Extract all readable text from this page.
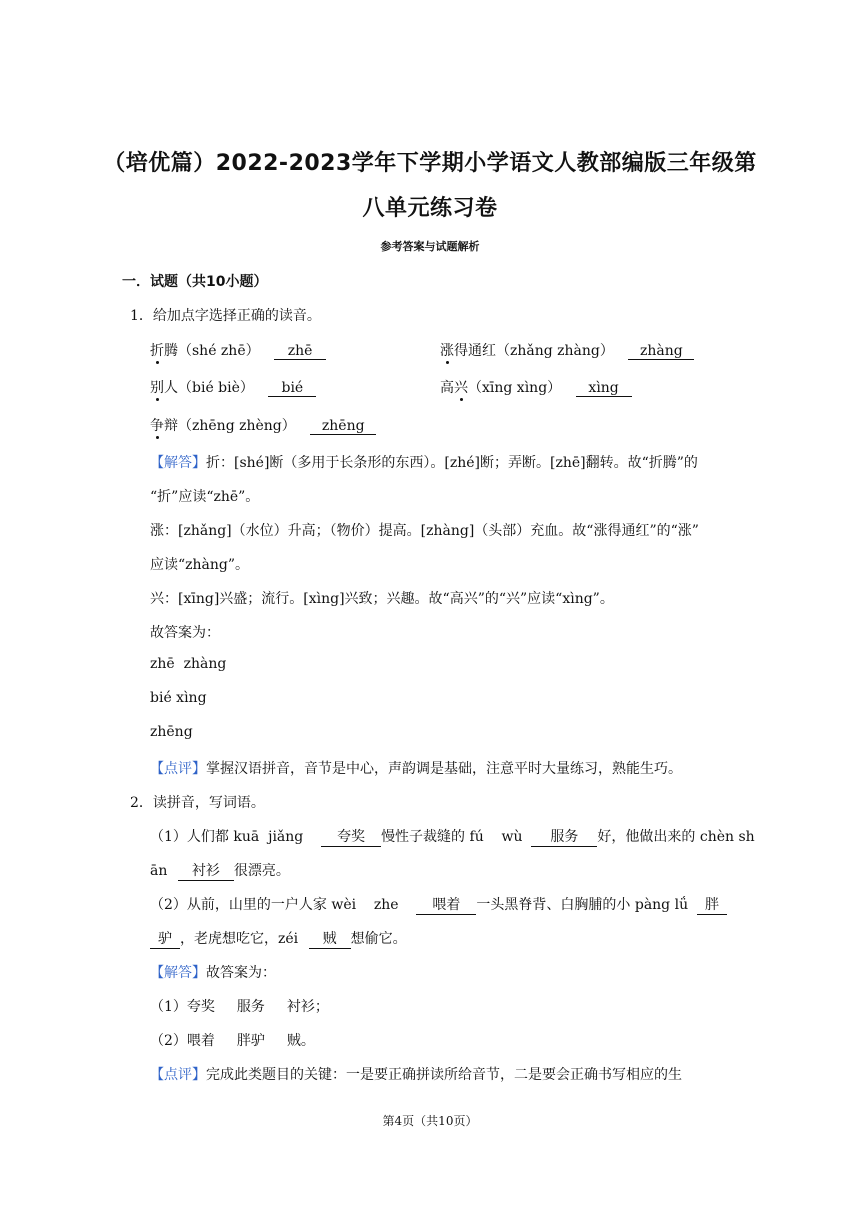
（培优篇）2022-2023学年下学期小学语文人教部编版三年级第
八单元练习卷
参考答案与试题解析
一．试题（共10小题）
1．给加点字选择正确的读音。
折腾（shé zhē） zhē	涨得通红（zhǎng zhàng） zhàng
别人（bié biè） bié	高兴（xīng xìng） xìng
争辩（zhēng zhèng） zhēng
【解答】折：[shé]断（多用于长条形的东西）。[zhé]断；弄断。[zhē]翻转。故“折腾”的
“折”应读“zhē”。
涨：[zhǎng]（水位）升高；（物价）提高。[zhàng]（头部）充血。故“涨得通红”的“涨”
应读“zhàng”。
兴：[xīng]兴盛；流行。[xìng]兴致；兴趣。故“高兴”的“兴”应读“xìng”。
故答案为：
zhē  zhàng
bié xìng
zhēng
【点评】掌握汉语拼音，音节是中心，声韵调是基础，注意平时大量练习，熟能生巧。
2．读拼音，写词语。
（1）人们都 kuā  jiǎng 夸奖 慢性子裁缝的 fú    wù 服务 好，他做出来的 chèn sh
ān 衬衫 很漂亮。
（2）从前，山里的一户人家 wèi    zhe 喂着 一头黑脊背、白胸脯的小 pàng lǘ 胖
驴 ，老虎想吃它，zéi 贼 想偷它。
【解答】故答案为：
（1）夸奖 服务 衬衫；
（2）喂着 胖驴 贼。
【点评】完成此类题目的关键：一是要正确拼读所给音节，二是要会正确书写相应的生
第4页（共10页）
